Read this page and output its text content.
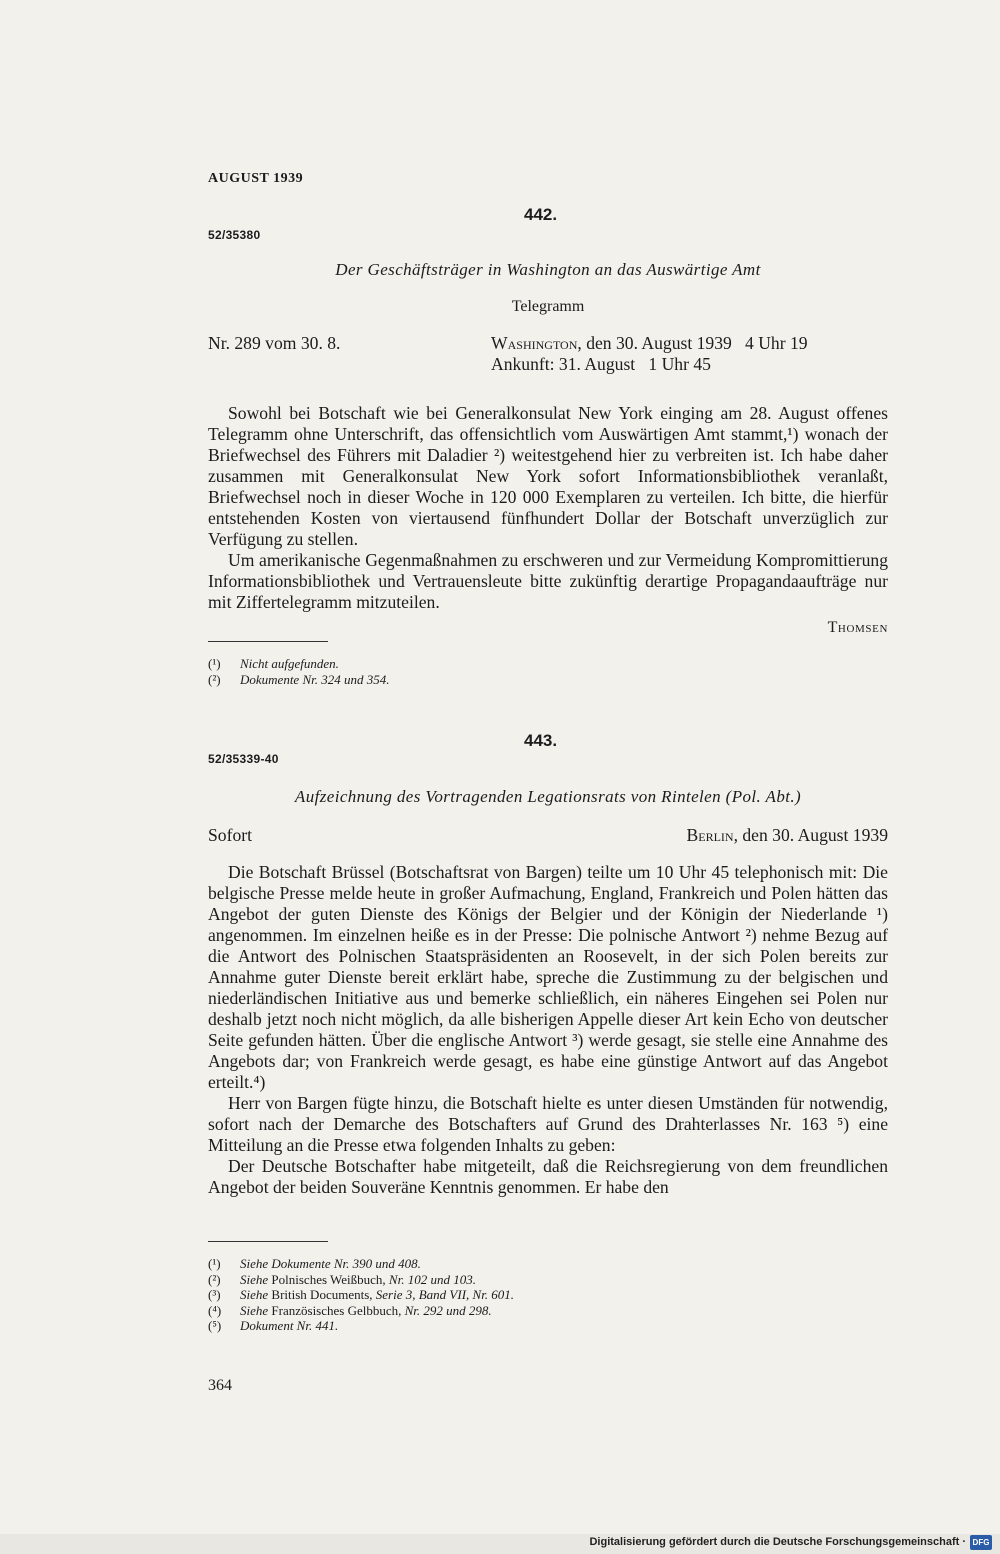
AUGUST 1939
442.
52/35380
Der Geschäftsträger in Washington an das Auswärtige Amt
Telegramm
Nr. 289 vom 30. 8.	Washington, den 30. August 1939   4 Uhr 19
Ankunft: 31. August   1 Uhr 45

Sowohl bei Botschaft wie bei Generalkonsulat New York einging am 28. August offenes Telegramm ohne Unterschrift, das offensichtlich vom Auswärtigen Amt stammt,¹) wonach der Briefwechsel des Führers mit Daladier ²) weitestgehend hier zu verbreiten ist. Ich habe daher zusammen mit Generalkonsulat New York sofort Informationsbibliothek veranlaßt, Briefwechsel noch in dieser Woche in 120 000 Exemplaren zu verteilen. Ich bitte, die hierfür entstehenden Kosten von viertausend fünfhundert Dollar der Botschaft unverzüglich zur Verfügung zu stellen.

Um amerikanische Gegenmaßnahmen zu erschweren und zur Vermeidung Kompromittierung Informationsbibliothek und Vertrauensleute bitte zukünftig derartige Propagandaaufträge nur mit Ziffertelegramm mitzuteilen.

Thomsen
(¹) Nicht aufgefunden.
(²) Dokumente Nr. 324 und 354.
443.
52/35339-40
Aufzeichnung des Vortragenden Legationsrats von Rintelen (Pol. Abt.)
Sofort	Berlin, den 30. August 1939

Die Botschaft Brüssel (Botschaftsrat von Bargen) teilte um 10 Uhr 45 telephonisch mit: Die belgische Presse melde heute in großer Aufmachung, England, Frankreich und Polen hätten das Angebot der guten Dienste des Königs der Belgier und der Königin der Niederlande ¹) angenommen. Im einzelnen heiße es in der Presse: Die polnische Antwort ²) nehme Bezug auf die Antwort des Polnischen Staatspräsidenten an Roosevelt, in der sich Polen bereits zur Annahme guter Dienste bereit erklärt habe, spreche die Zustimmung zu der belgischen und niederländischen Initiative aus und bemerke schließlich, ein näheres Eingehen sei Polen nur deshalb jetzt noch nicht möglich, da alle bisherigen Appelle dieser Art kein Echo von deutscher Seite gefunden hätten. Über die englische Antwort ³) werde gesagt, sie stelle eine Annahme des Angebots dar; von Frankreich werde gesagt, es habe eine günstige Antwort auf das Angebot erteilt.⁴)

Herr von Bargen fügte hinzu, die Botschaft hielte es unter diesen Umständen für notwendig, sofort nach der Demarche des Botschafters auf Grund des Drahterlasses Nr. 163 ⁵) eine Mitteilung an die Presse etwa folgenden Inhalts zu geben:

Der Deutsche Botschafter habe mitgeteilt, daß die Reichsregierung von dem freundlichen Angebot der beiden Souveräne Kenntnis genommen. Er habe den

(¹) Siehe Dokumente Nr. 390 und 408.
(²) Siehe Polnisches Weißbuch, Nr. 102 und 103.
(³) Siehe British Documents, Serie 3, Band VII, Nr. 601.
(⁴) Siehe Französisches Gelbbuch, Nr. 292 und 298.
(⁵) Dokument Nr. 441.
364
Digitalisierung gefördert durch die Deutsche Forschungsgemeinschaft · DFG
